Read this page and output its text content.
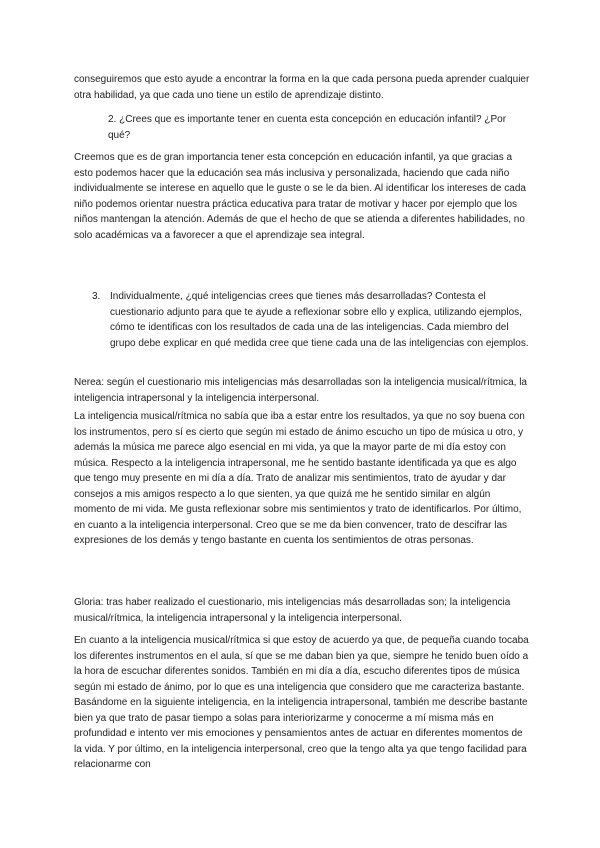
conseguiremos que esto ayude a encontrar la forma en la que cada persona pueda aprender cualquier otra habilidad, ya que cada uno tiene un estilo de aprendizaje distinto.

2. ¿Crees que es importante tener en cuenta esta concepción en educación infantil? ¿Por qué?

Creemos que es de gran importancia tener esta concepción en educación infantil, ya que gracias a esto podemos hacer que la educación sea más inclusiva y personalizada, haciendo que cada niño individualmente se interese en aquello que le guste o se le da bien. Al identificar los intereses de cada niño podemos orientar nuestra práctica educativa para tratar de motivar y hacer por ejemplo que los niños mantengan la atención. Además de que el hecho de que se atienda a diferentes habilidades, no solo académicas va a favorecer a que el aprendizaje sea integral.

3. Individualmente, ¿qué inteligencias crees que tienes más desarrolladas? Contesta el cuestionario adjunto para que te ayude a reflexionar sobre ello y explica, utilizando ejemplos, cómo te identificas con los resultados de cada una de las inteligencias. Cada miembro del grupo debe explicar en qué medida cree que tiene cada una de las inteligencias con ejemplos.

Nerea: según el cuestionario mis inteligencias más desarrolladas son la inteligencia musical/rítmica, la inteligencia intrapersonal y la inteligencia interpersonal.

La inteligencia musical/rítmica no sabía que iba a estar entre los resultados, ya que no soy buena con los instrumentos, pero sí es cierto que según mi estado de ánimo escucho un tipo de música u otro, y además la música me parece algo esencial en mi vida, ya que la mayor parte de mi día estoy con música. Respecto a la inteligencia intrapersonal, me he sentido bastante identificada ya que es algo que tengo muy presente en mi día a día. Trato de analizar mis sentimientos, trato de ayudar y dar consejos a mis amigos respecto a lo que sienten, ya que quizá me he sentido similar en algún momento de mi vida. Me gusta reflexionar sobre mis sentimientos y trato de identificarlos. Por último, en cuanto a la inteligencia interpersonal. Creo que se me da bien convencer, trato de descifrar las expresiones de los demás y tengo bastante en cuenta los sentimientos de otras personas.

Gloria: tras haber realizado el cuestionario, mis inteligencias más desarrolladas son; la inteligencia musical/rítmica, la inteligencia intrapersonal y la inteligencia interpersonal.

En cuanto a la inteligencia musical/rítmica si que estoy de acuerdo ya que, de pequeña cuando tocaba los diferentes instrumentos en el aula, sí que se me daban bien ya que, siempre he tenido buen oído a la hora de escuchar diferentes sonidos. También en mi día a día, escucho diferentes tipos de música según mi estado de ánimo, por lo que es una inteligencia que considero que me caracteriza bastante. Basándome en la siguiente inteligencia, en la inteligencia intrapersonal, también me describe bastante bien ya que trato de pasar tiempo a solas para interiorizarme y conocerme a mí misma más en profundidad e intento ver mis emociones y pensamientos antes de actuar en diferentes momentos de la vida. Y por último, en la inteligencia interpersonal, creo que la tengo alta ya que tengo facilidad para relacionarme con
